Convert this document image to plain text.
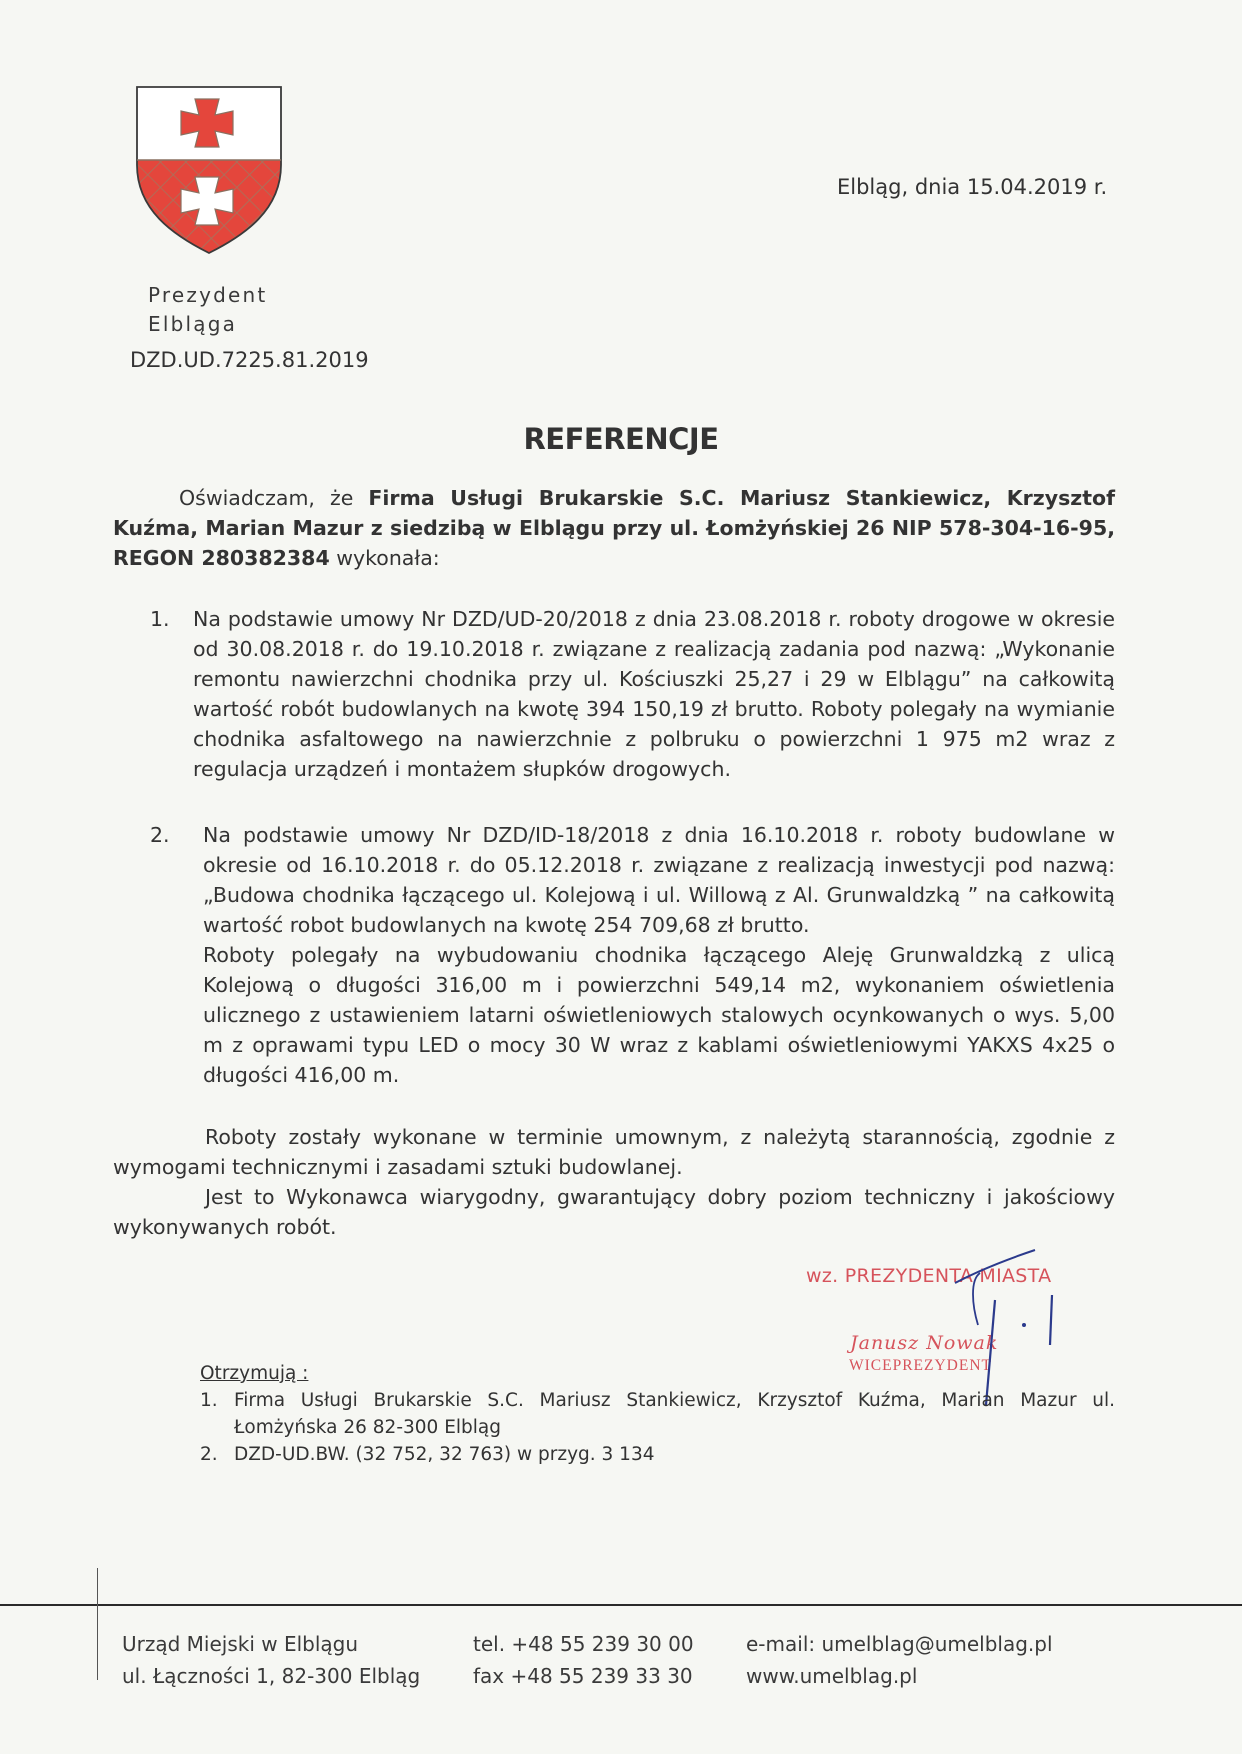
Prezydent
Elbląga
DZD.UD.7225.81.2019
Elbląg, dnia 15.04.2019 r.
REFERENCJE
Oświadczam, że Firma Usługi Brukarskie S.C. Mariusz Stankiewicz, Krzysztof Kuźma, Marian Mazur z siedzibą w Elblągu przy ul. Łomżyńskiej 26 NIP 578-304-16-95, REGON 280382384 wykonała:
1. Na podstawie umowy Nr DZD/UD-20/2018 z dnia 23.08.2018 r. roboty drogowe w okresie od 30.08.2018 r. do 19.10.2018 r. związane z realizacją zadania pod nazwą: „Wykonanie remontu nawierzchni chodnika przy ul. Kościuszki 25,27 i 29 w Elblągu” na całkowitą wartość robót budowlanych na kwotę 394 150,19 zł brutto. Roboty polegały na wymianie chodnika asfaltowego na nawierzchnie z polbruku o powierzchni 1 975 m2 wraz z regulacja urządzeń i montażem słupków drogowych.
2. Na podstawie umowy Nr DZD/ID-18/2018 z dnia 16.10.2018 r. roboty budowlane w okresie od 16.10.2018 r. do 05.12.2018 r. związane z realizacją inwestycji pod nazwą: „Budowa chodnika łączącego ul. Kolejową i ul. Willową z Al. Grunwaldzką ” na całkowitą wartość robot budowlanych na kwotę 254 709,68 zł brutto.
Roboty polegały na wybudowaniu chodnika łączącego Aleję Grunwaldzką z ulicą Kolejową o długości 316,00 m i powierzchni 549,14 m2, wykonaniem oświetlenia ulicznego z ustawieniem latarni oświetleniowych stalowych ocynkowanych o wys. 5,00 m z oprawami typu LED o mocy 30 W wraz z kablami oświetleniowymi YAKXS 4x25 o długości 416,00 m.

Roboty zostały wykonane w terminie umownym, z należytą starannością, zgodnie z wymogami technicznymi i zasadami sztuki budowlanej.

Jest to Wykonawca wiarygodny, gwarantujący dobry poziom techniczny i jakościowy wykonywanych robót.

wz. PREZYDENTA MIASTA
Janusz Nowak
WICEPREZYDENT
Otrzymują :
1. Firma Usługi Brukarskie S.C. Mariusz Stankiewicz, Krzysztof Kuźma, Marian Mazur ul. Łomżyńska 26 82-300 Elbląg
2. DZD-UD.BW. (32 752, 32 763) w przyg. 3 134
Urząd Miejski w Elblągu
ul. Łączności 1, 82-300 Elbląg
tel. +48 55 239 30 00
fax +48 55 239 33 30
e-mail: umelblag@umelblag.pl
www.umelblag.pl
